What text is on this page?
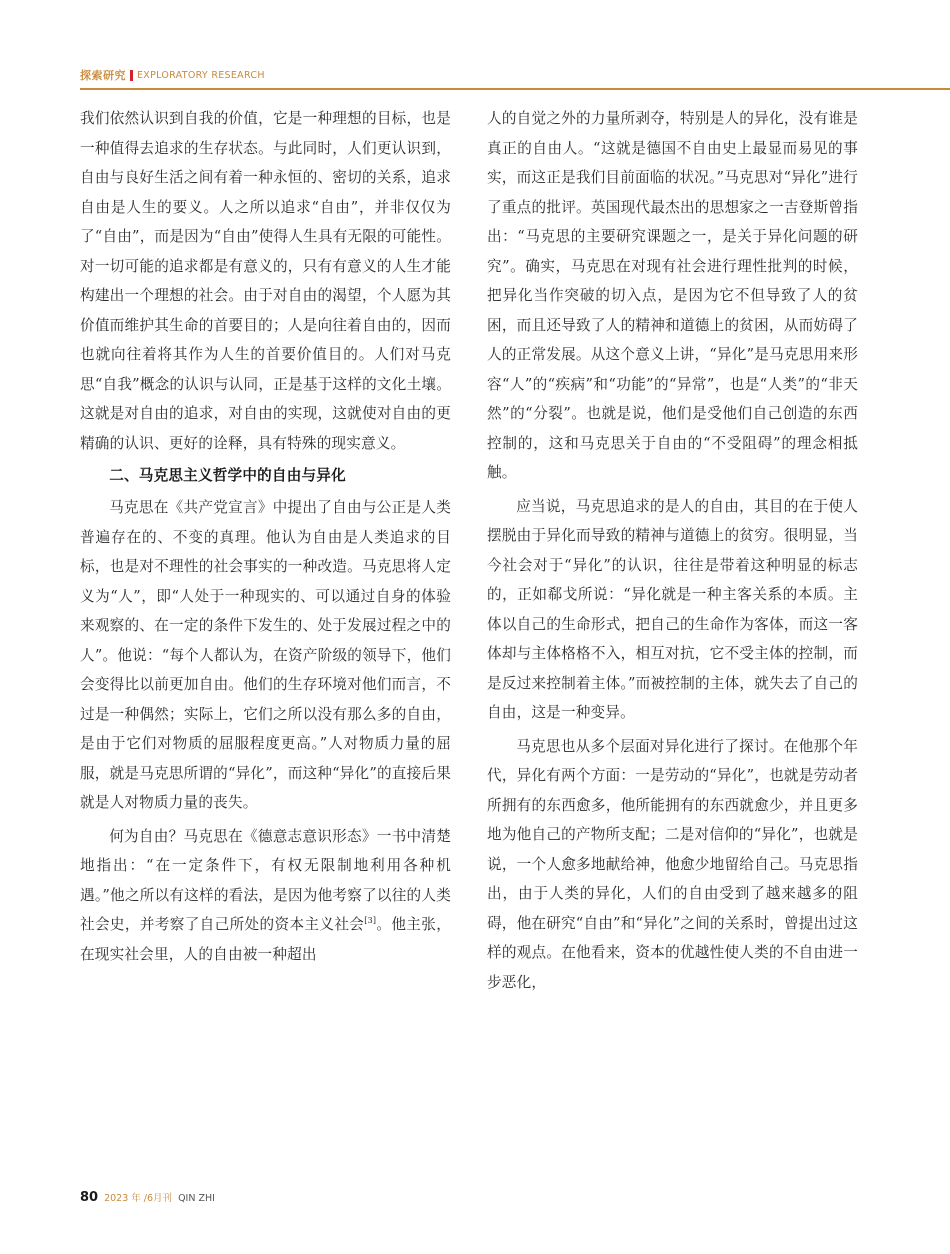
探索研究 EXPLORATORY RESEARCH

我们依然认识到自我的价值，它是一种理想的目标，也是一种值得去追求的生存状态。与此同时，人们更认识到，自由与良好生活之间有着一种永恒的、密切的关系，追求自由是人生的要义。人之所以追求“自由”，并非仅仅为了“自由”，而是因为“自由”使得人生具有无限的可能性。对一切可能的追求都是有意义的，只有有意义的人生才能构建出一个理想的社会。由于对自由的渴望，个人愿为其价值而维护其生命的首要目的；人是向往着自由的，因而也就向往着将其作为人生的首要价值目的。人们对马克思“自我”概念的认识与认同，正是基于这样的文化土壤。这就是对自由的追求，对自由的实现，这就使对自由的更精确的认识、更好的诠释，具有特殊的现实意义。

二、马克思主义哲学中的自由与异化

马克思在《共产党宣言》中提出了自由与公正是人类普遍存在的、不变的真理。他认为自由是人类追求的目标，也是对不理性的社会事实的一种改造。马克思将人定义为“人”，即“人处于一种现实的、可以通过自身的体验来观察的、在一定的条件下发生的、处于发展过程之中的人”。他说：“每个人都认为，在资产阶级的领导下，他们会变得比以前更加自由。他们的生存环境对他们而言，不过是一种偶然；实际上，它们之所以没有那么多的自由，是由于它们对物质的屈服程度更高。”人对物质力量的屈服，就是马克思所谓的“异化”，而这种“异化”的直接后果就是人对物质力量的丧失。

何为自由？马克思在《德意志意识形态》一书中清楚地指出：“在一定条件下，有权无限制地利用各种机遇。”他之所以有这样的看法，是因为他考察了以往的人类社会史，并考察了自己所处的资本主义社会[3]。他主张，在现实社会里，人的自由被一种超出

人的自觉之外的力量所剥夺，特别是人的异化，没有谁是真正的自由人。“这就是德国不自由史上最显而易见的事实，而这正是我们目前面临的状况。”马克思对“异化”进行了重点的批评。英国现代最杰出的思想家之一吉登斯曾指出：“马克思的主要研究课题之一，是关于异化问题的研究”。确实，马克思在对现有社会进行理性批判的时候，把异化当作突破的切入点，是因为它不但导致了人的贫困，而且还导致了人的精神和道德上的贫困，从而妨碍了人的正常发展。从这个意义上讲，“异化”是马克思用来形容“人”的“疾病”和“功能”的“异常”，也是“人类”的“非天然”的“分裂”。也就是说，他们是受他们自己创造的东西控制的，这和马克思关于自由的“不受阻碍”的理念相抵触。

应当说，马克思追求的是人的自由，其目的在于使人摆脱由于异化而导致的精神与道德上的贫穷。很明显，当今社会对于“异化”的认识，往往是带着这种明显的标志的，正如郗戈所说：“异化就是一种主客关系的本质。主体以自己的生命形式，把自己的生命作为客体，而这一客体却与主体格格不入，相互对抗，它不受主体的控制，而是反过来控制着主体。”而被控制的主体，就失去了自己的自由，这是一种变异。

马克思也从多个层面对异化进行了探讨。在他那个年代，异化有两个方面：一是劳动的“异化”，也就是劳动者所拥有的东西愈多，他所能拥有的东西就愈少，并且更多地为他自己的产物所支配；二是对信仰的“异化”，也就是说，一个人愈多地献给神，他愈少地留给自己。马克思指出，由于人类的异化，人们的自由受到了越来越多的阻碍，他在研究“自由”和“异化”之间的关系时，曾提出过这样的观点。在他看来，资本的优越性使人类的不自由进一步恶化，

80 2023 年 /6月刊 QIN ZHI
